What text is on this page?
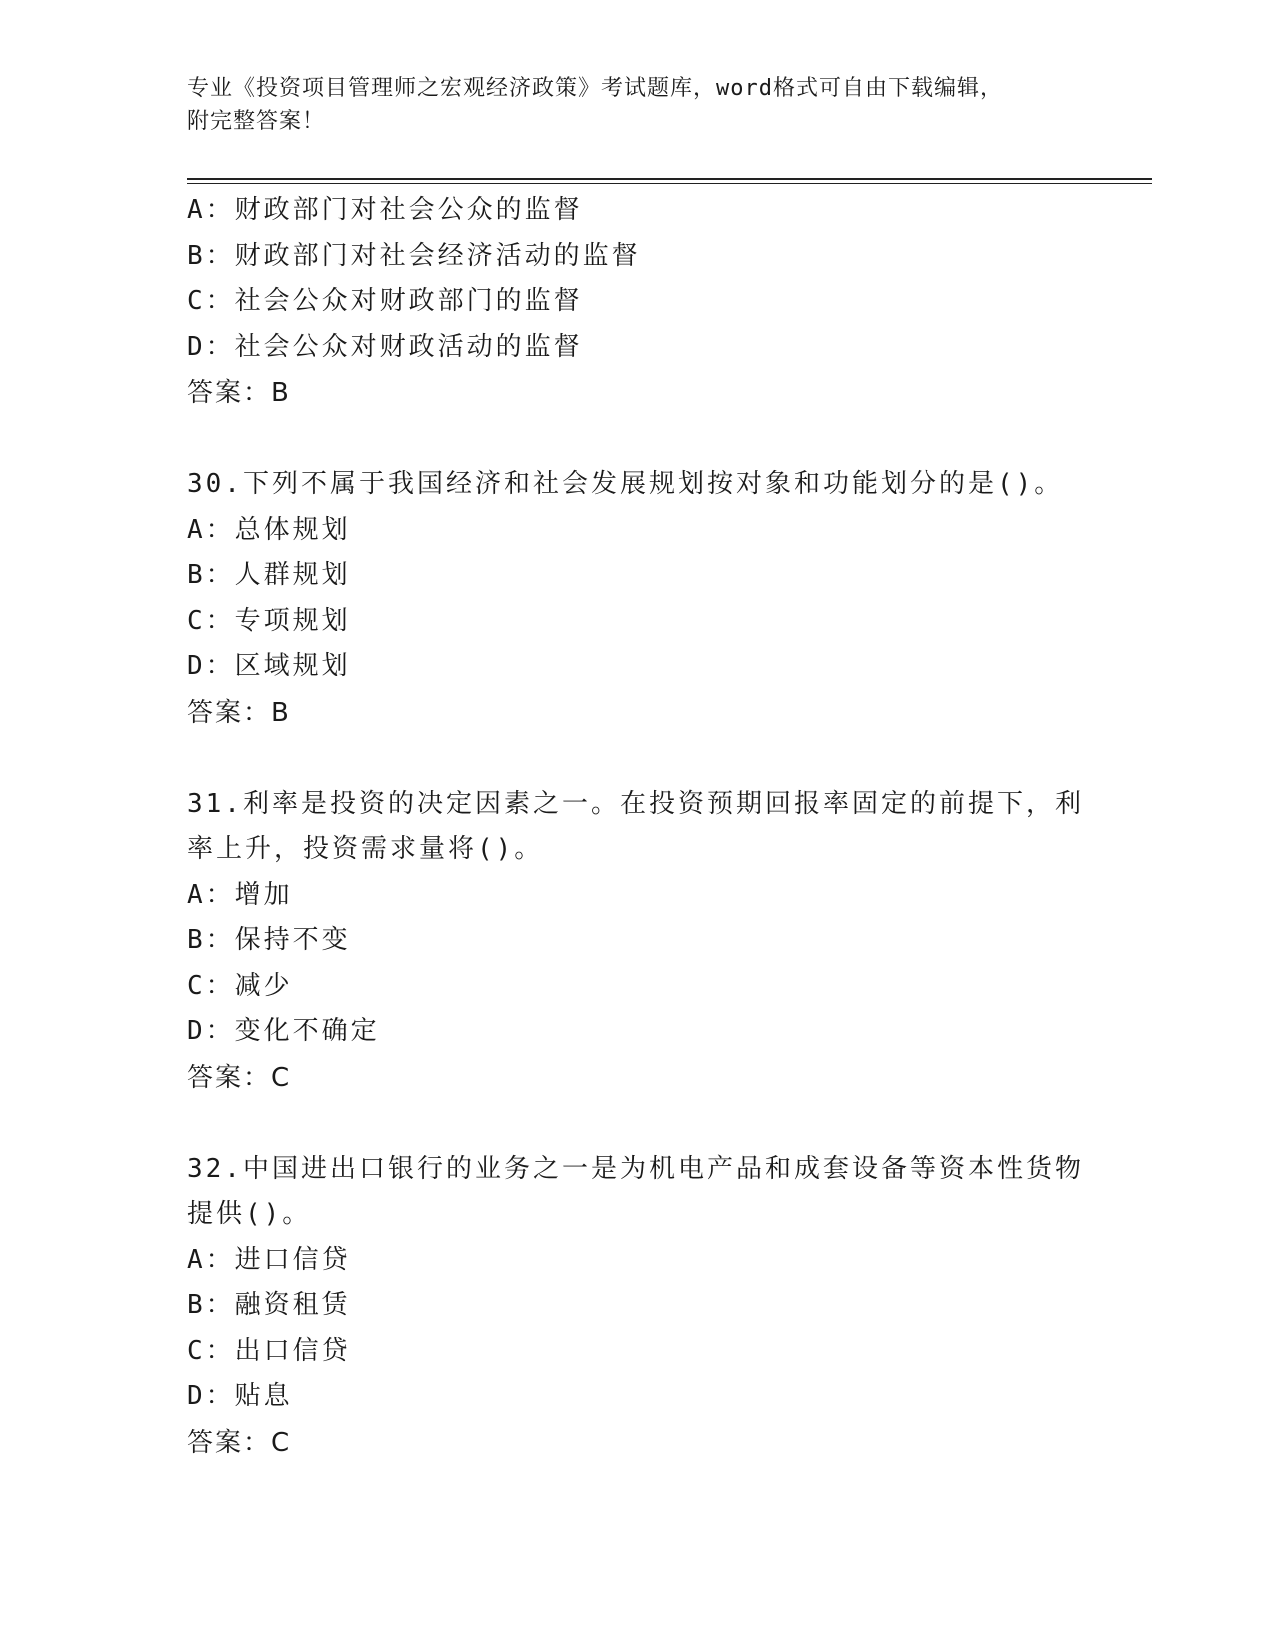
专业《投资项目管理师之宏观经济政策》考试题库，word格式可自由下载编辑，
附完整答案！
A：财政部门对社会公众的监督
B：财政部门对社会经济活动的监督
C：社会公众对财政部门的监督
D：社会公众对财政活动的监督
答案：B
30.下列不属于我国经济和社会发展规划按对象和功能划分的是()。
A：总体规划
B：人群规划
C：专项规划
D：区域规划
答案：B
31.利率是投资的决定因素之一。在投资预期回报率固定的前提下，利
率上升，投资需求量将()。
A：增加
B：保持不变
C：减少
D：变化不确定
答案：C
32.中国进出口银行的业务之一是为机电产品和成套设备等资本性货物
提供()。
A：进口信贷
B：融资租赁
C：出口信贷
D：贴息
答案：C
